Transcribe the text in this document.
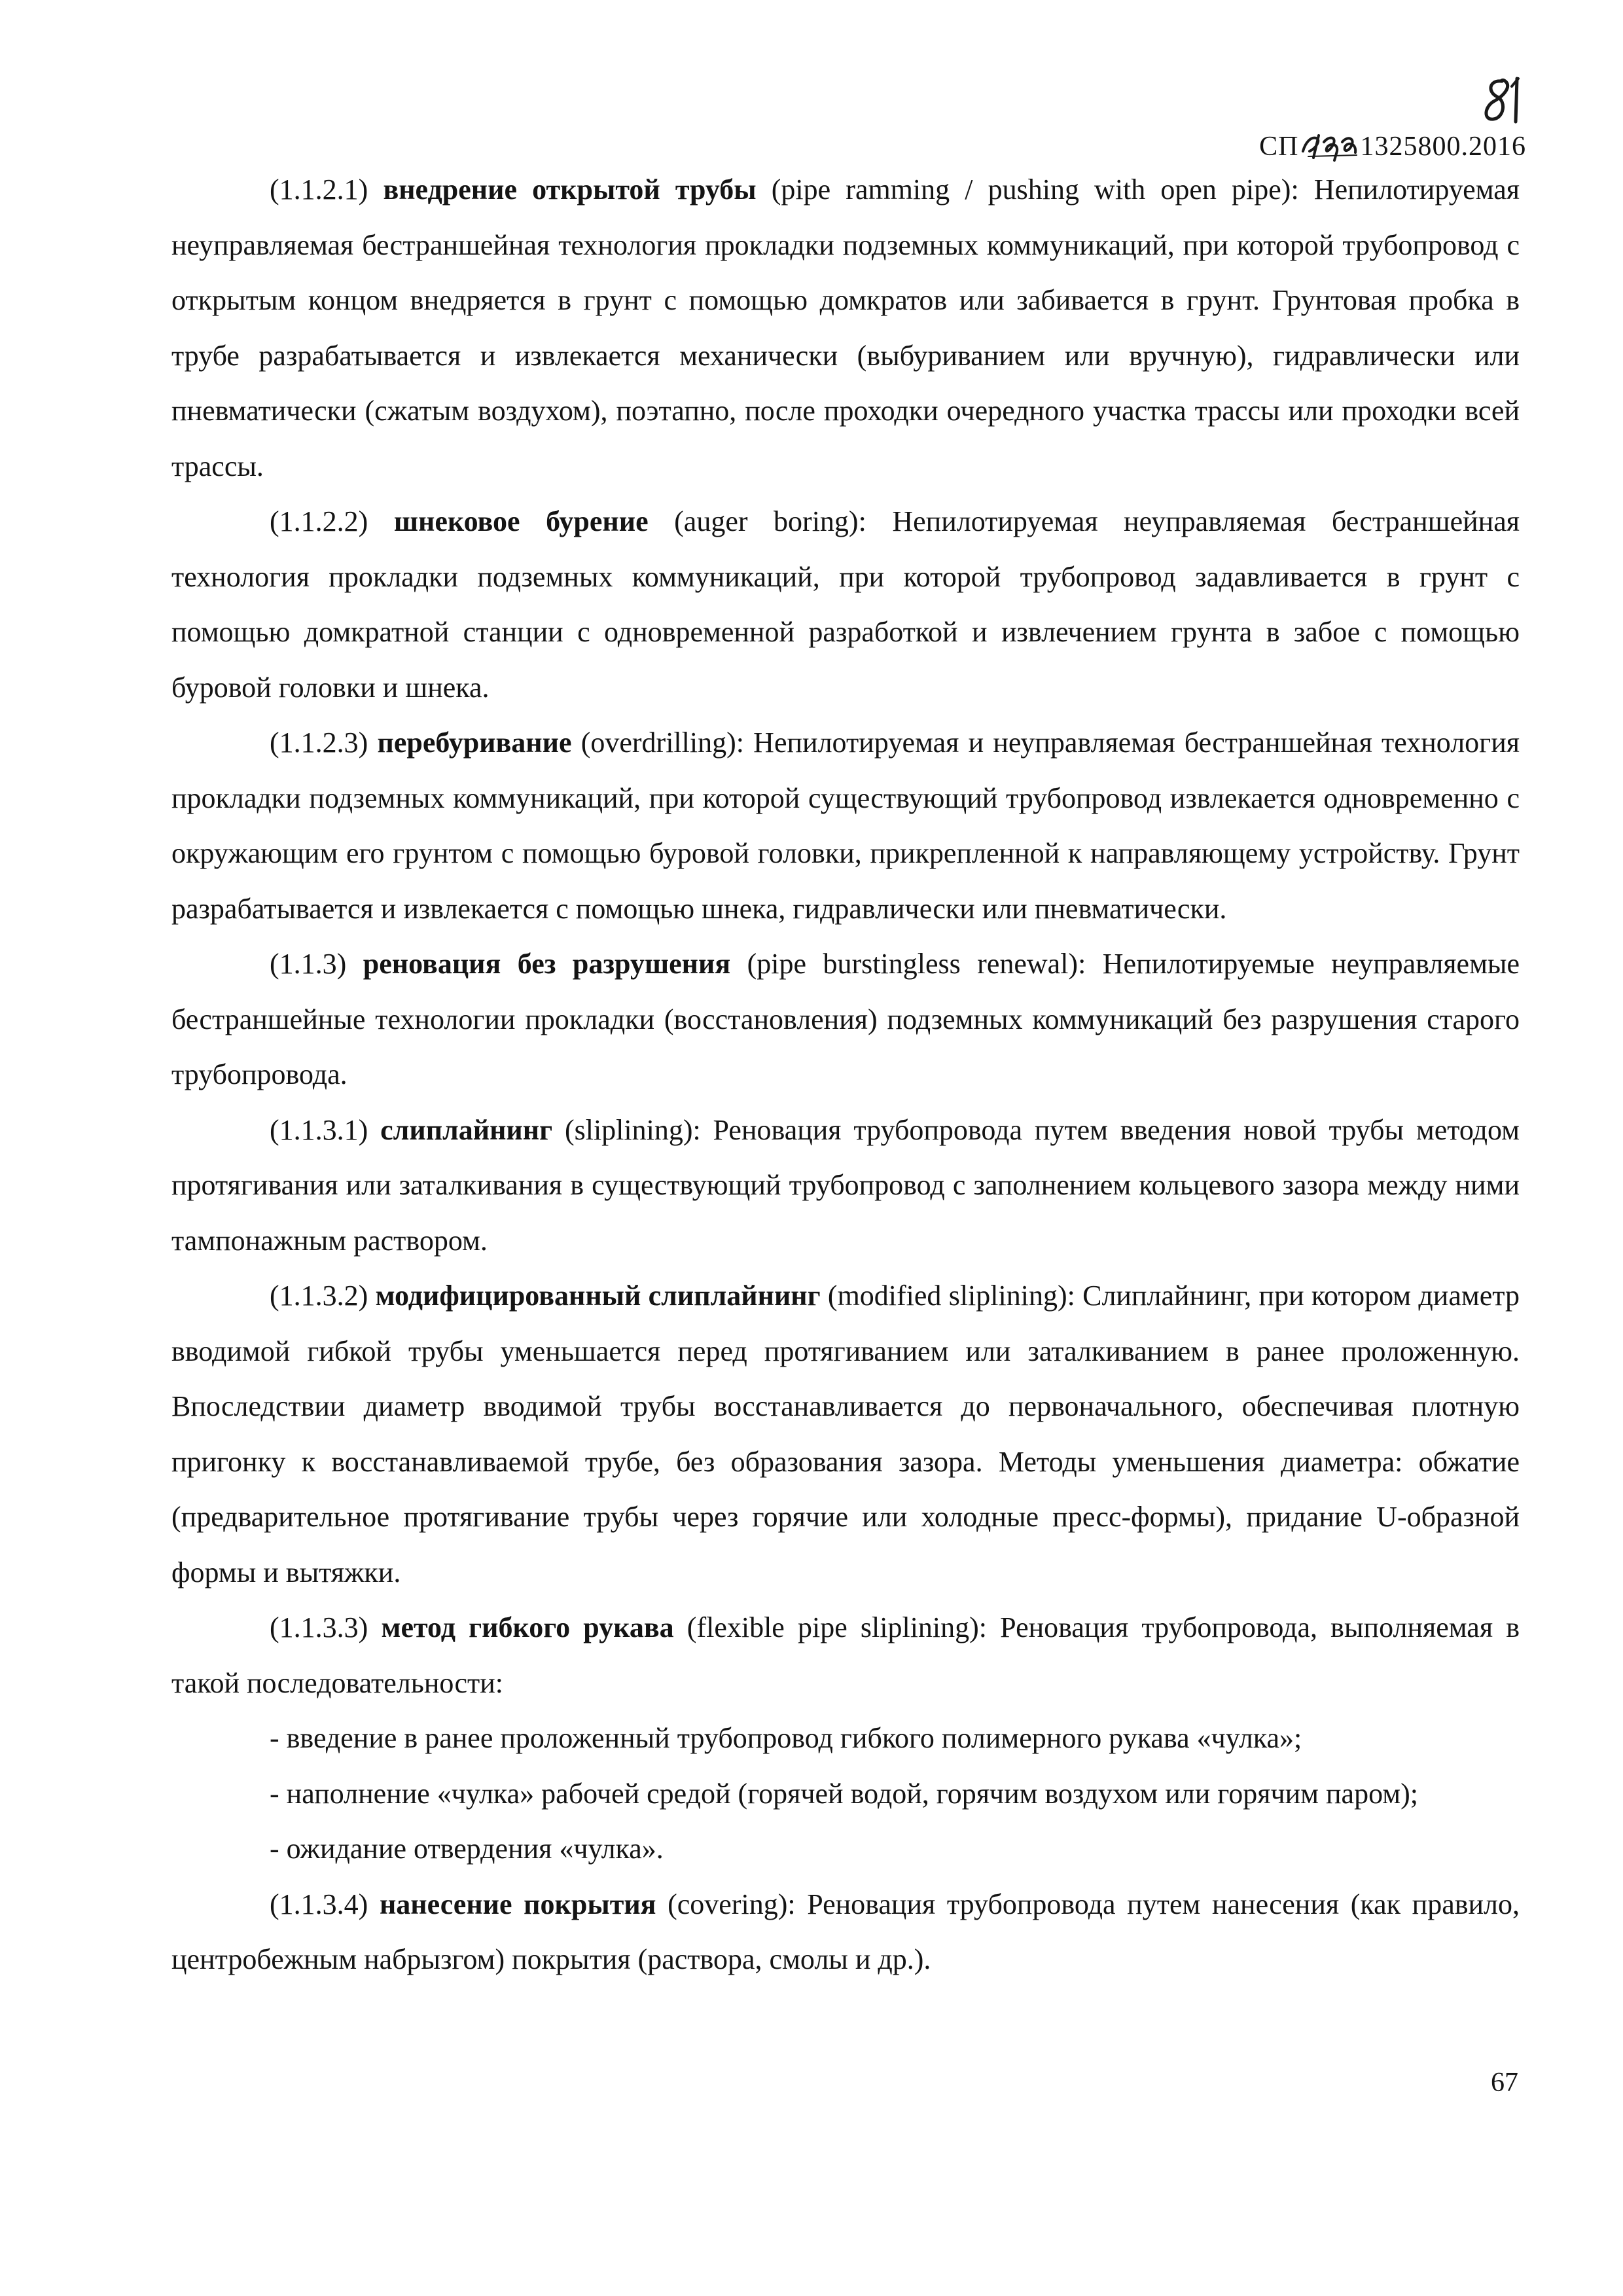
СП 1325800.2016

(1.1.2.1) внедрение открытой трубы (pipe ramming / pushing with open pipe): Непилотируемая неуправляемая бестраншейная технология прокладки подземных коммуникаций, при которой трубопровод с открытым концом внедряется в грунт с помощью домкратов или забивается в грунт. Грунтовая пробка в трубе разрабатывается и извлекается механически (выбуриванием или вручную), гидравлически или пневматически (сжатым воздухом), поэтапно, после проходки очередного участка трассы или проходки всей трассы.

(1.1.2.2) шнековое бурение (auger boring): Непилотируемая неуправляемая бестраншейная технология прокладки подземных коммуникаций, при которой трубопровод задавливается в грунт с помощью домкратной станции с одновременной разработкой и извлечением грунта в забое с помощью буровой головки и шнека.

(1.1.2.3) перебуривание (overdrilling): Непилотируемая и неуправляемая бестраншейная технология прокладки подземных коммуникаций, при которой существующий трубопровод извлекается одновременно с окружающим его грунтом с помощью буровой головки, прикрепленной к направляющему устройству. Грунт разрабатывается и извлекается с помощью шнека, гидравлически или пневматически.

(1.1.3) реновация без разрушения (pipe burstingless renewal): Непилотируемые неуправляемые бестраншейные технологии прокладки (восстановления) подземных коммуникаций без разрушения старого трубопровода.

(1.1.3.1) слиплайнинг (sliplining): Реновация трубопровода путем введения новой трубы методом протягивания или заталкивания в существующий трубопровод с заполнением кольцевого зазора между ними тампонажным раствором.

(1.1.3.2) модифицированный слиплайнинг (modified sliplining): Слиплайнинг, при котором диаметр вводимой гибкой трубы уменьшается перед протягиванием или заталкиванием в ранее проложенную. Впоследствии диаметр вводимой трубы восстанавливается до первоначального, обеспечивая плотную пригонку к восстанавливаемой трубе, без образования зазора. Методы уменьшения диаметра: обжатие (предварительное протягивание трубы через горячие или холодные пресс-формы), придание U-образной формы и вытяжки.

(1.1.3.3) метод гибкого рукава (flexible pipe sliplining): Реновация трубопровода, выполняемая в такой последовательности:

- введение в ранее проложенный трубопровод гибкого полимерного рукава «чулка»;

- наполнение «чулка» рабочей средой (горячей водой, горячим воздухом или горячим паром);

- ожидание отвердения «чулка».

(1.1.3.4) нанесение покрытия (covering): Реновация трубопровода путем нанесения (как правило, центробежным набрызгом) покрытия (раствора, смолы и др.).

67
